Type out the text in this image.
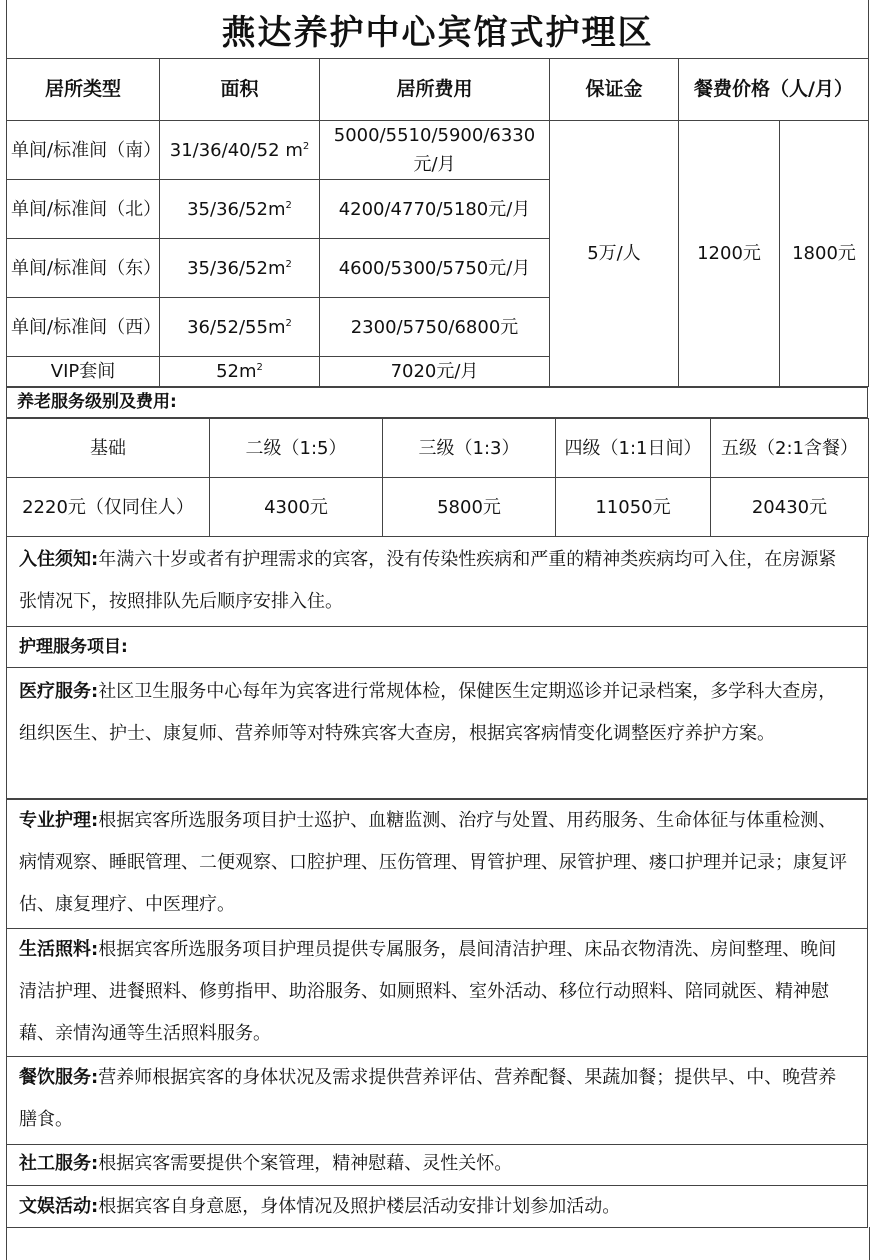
燕达养护中心宾馆式护理区
居所类型	面积	居所费用	保证金	餐费价格（人/月）	
单间/标准间（南）	31/36/40/52 $m^2$	5000/5510/5900/6330元/月	5万/人	1200元	1800元
单间/标准间（北）	$35/36/52m^2$	4200/4770/5180元/月			
单间/标准间（东）	$35/36/52m^2$	4600/5300/5750元/月			
单间/标准间（西）	$36/52/55m^2$	2300/5750/6800元			
VIP套间	$52m^2$	7020元/月			
养老服务级别及费用:
基础	二级（1:5）	三级（1:3）	四级（1:1日间）	五级（2:1含餐）
2220元（仅同住人）	4300元	5800元	11050元	20430元
入住须知:年满六十岁或者有护理需求的宾客，没有传染性疾病和严重的精神类疾病均可入住，在房源紧张情况下，按照排队先后顺序安排入住。
护理服务项目:
医疗服务:社区卫生服务中心每年为宾客进行常规体检，保健医生定期巡诊并记录档案，多学科大查房，组织医生、护士、康复师、营养师等对特殊宾客大查房，根据宾客病情变化调整医疗养护方案。
专业护理:根据宾客所选服务项目护士巡护、血糖监测、治疗与处置、用药服务、生命体征与体重检测、病情观察、睡眠管理、二便观察、口腔护理、压伤管理、胃管护理、尿管护理、瘘口护理并记录；康复评估、康复理疗、中医理疗。
生活照料:根据宾客所选服务项目护理员提供专属服务，晨间清洁护理、床品衣物清洗、房间整理、晚间清洁护理、进餐照料、修剪指甲、助浴服务、如厕照料、室外活动、移位行动照料、陪同就医、精神慰藉、亲情沟通等生活照料服务。
餐饮服务:营养师根据宾客的身体状况及需求提供营养评估、营养配餐、果蔬加餐；提供早、中、晚营养膳食。
社工服务:根据宾客需要提供个案管理，精神慰藉、灵性关怀。
文娱活动:根据宾客自身意愿，身体情况及照护楼层活动安排计划参加活动。
